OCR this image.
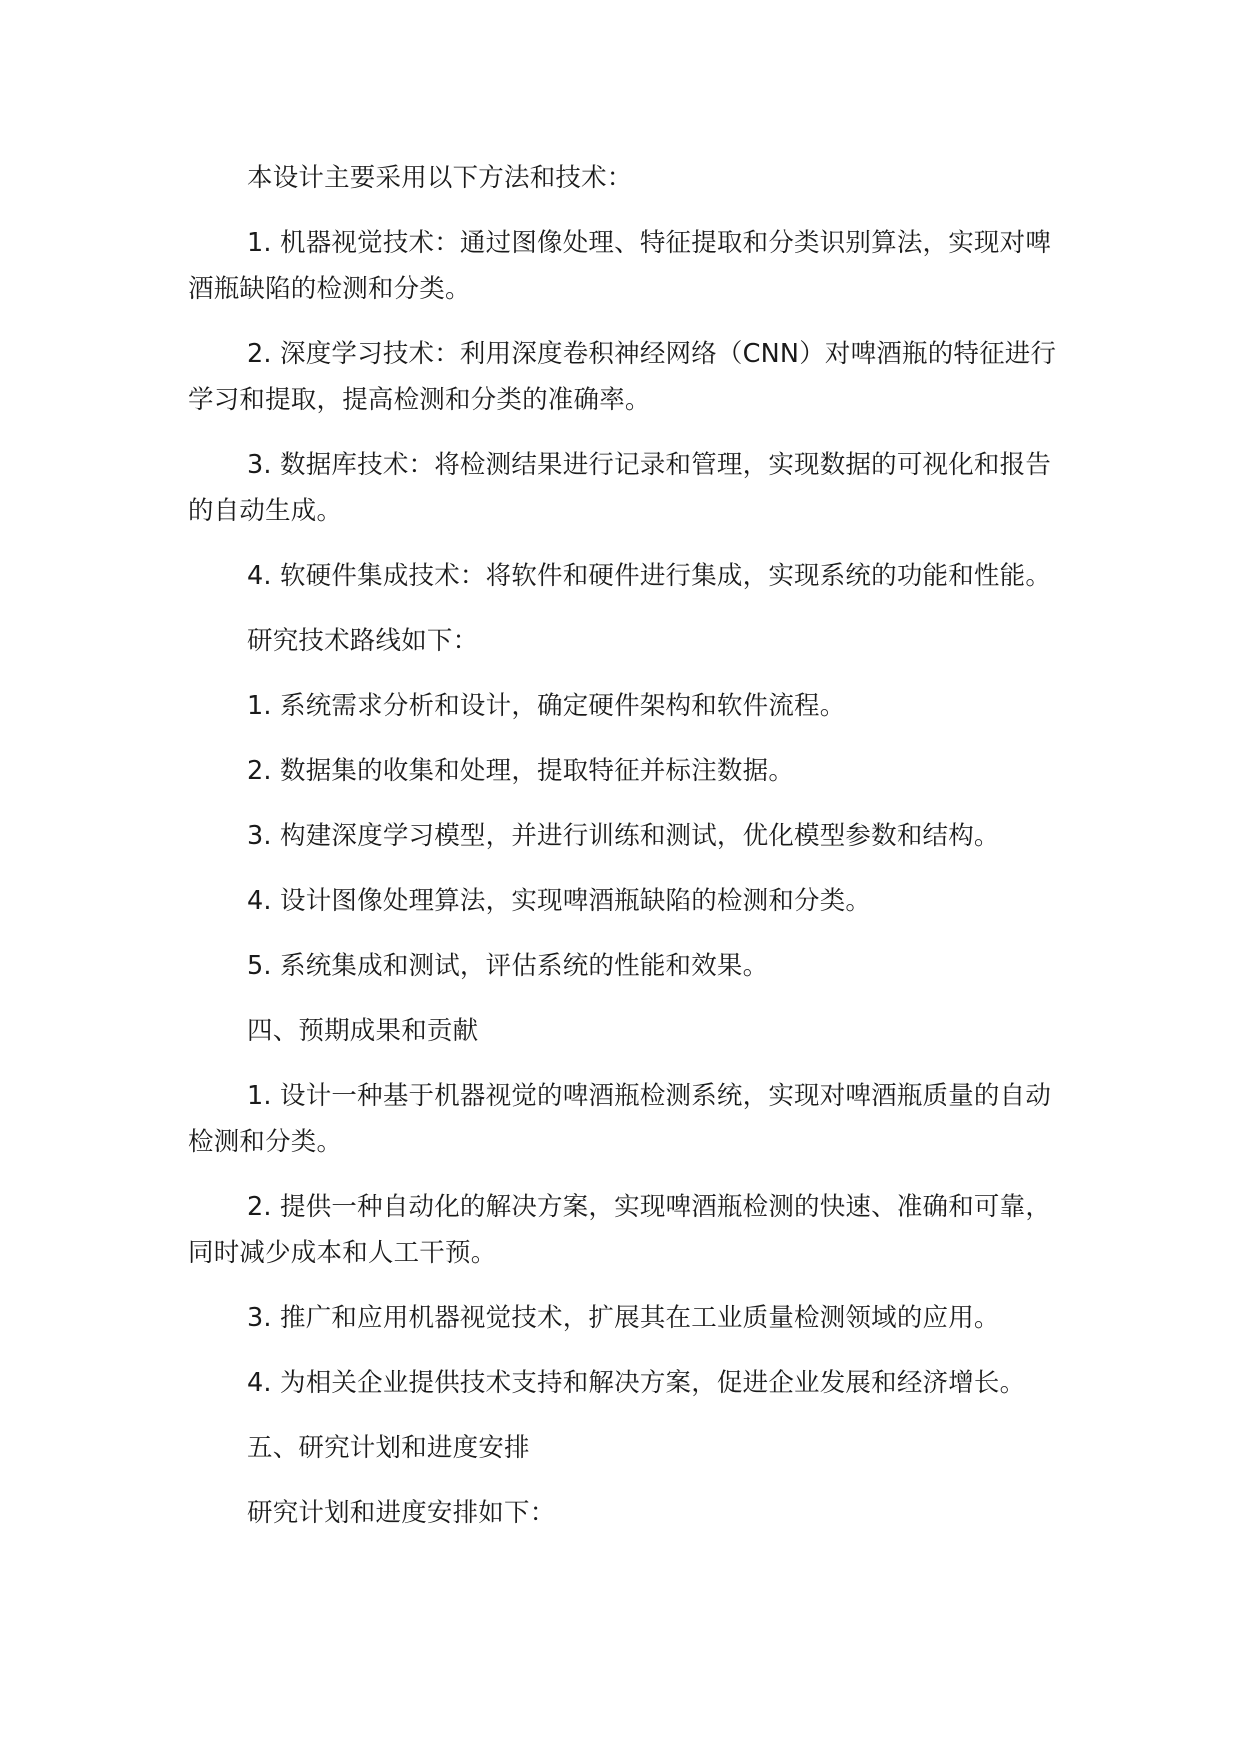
本设计主要采用以下方法和技术：

1. 机器视觉技术：通过图像处理、特征提取和分类识别算法，实现对啤酒瓶缺陷的检测和分类。

2. 深度学习技术：利用深度卷积神经网络（CNN）对啤酒瓶的特征进行学习和提取，提高检测和分类的准确率。

3. 数据库技术：将检测结果进行记录和管理，实现数据的可视化和报告的自动生成。

4. 软硬件集成技术：将软件和硬件进行集成，实现系统的功能和性能。

研究技术路线如下：

1. 系统需求分析和设计，确定硬件架构和软件流程。

2. 数据集的收集和处理，提取特征并标注数据。

3. 构建深度学习模型，并进行训练和测试，优化模型参数和结构。

4. 设计图像处理算法，实现啤酒瓶缺陷的检测和分类。

5. 系统集成和测试，评估系统的性能和效果。

四、预期成果和贡献

1. 设计一种基于机器视觉的啤酒瓶检测系统，实现对啤酒瓶质量的自动检测和分类。

2. 提供一种自动化的解决方案，实现啤酒瓶检测的快速、准确和可靠，同时减少成本和人工干预。

3. 推广和应用机器视觉技术，扩展其在工业质量检测领域的应用。

4. 为相关企业提供技术支持和解决方案，促进企业发展和经济增长。

五、研究计划和进度安排

研究计划和进度安排如下：
